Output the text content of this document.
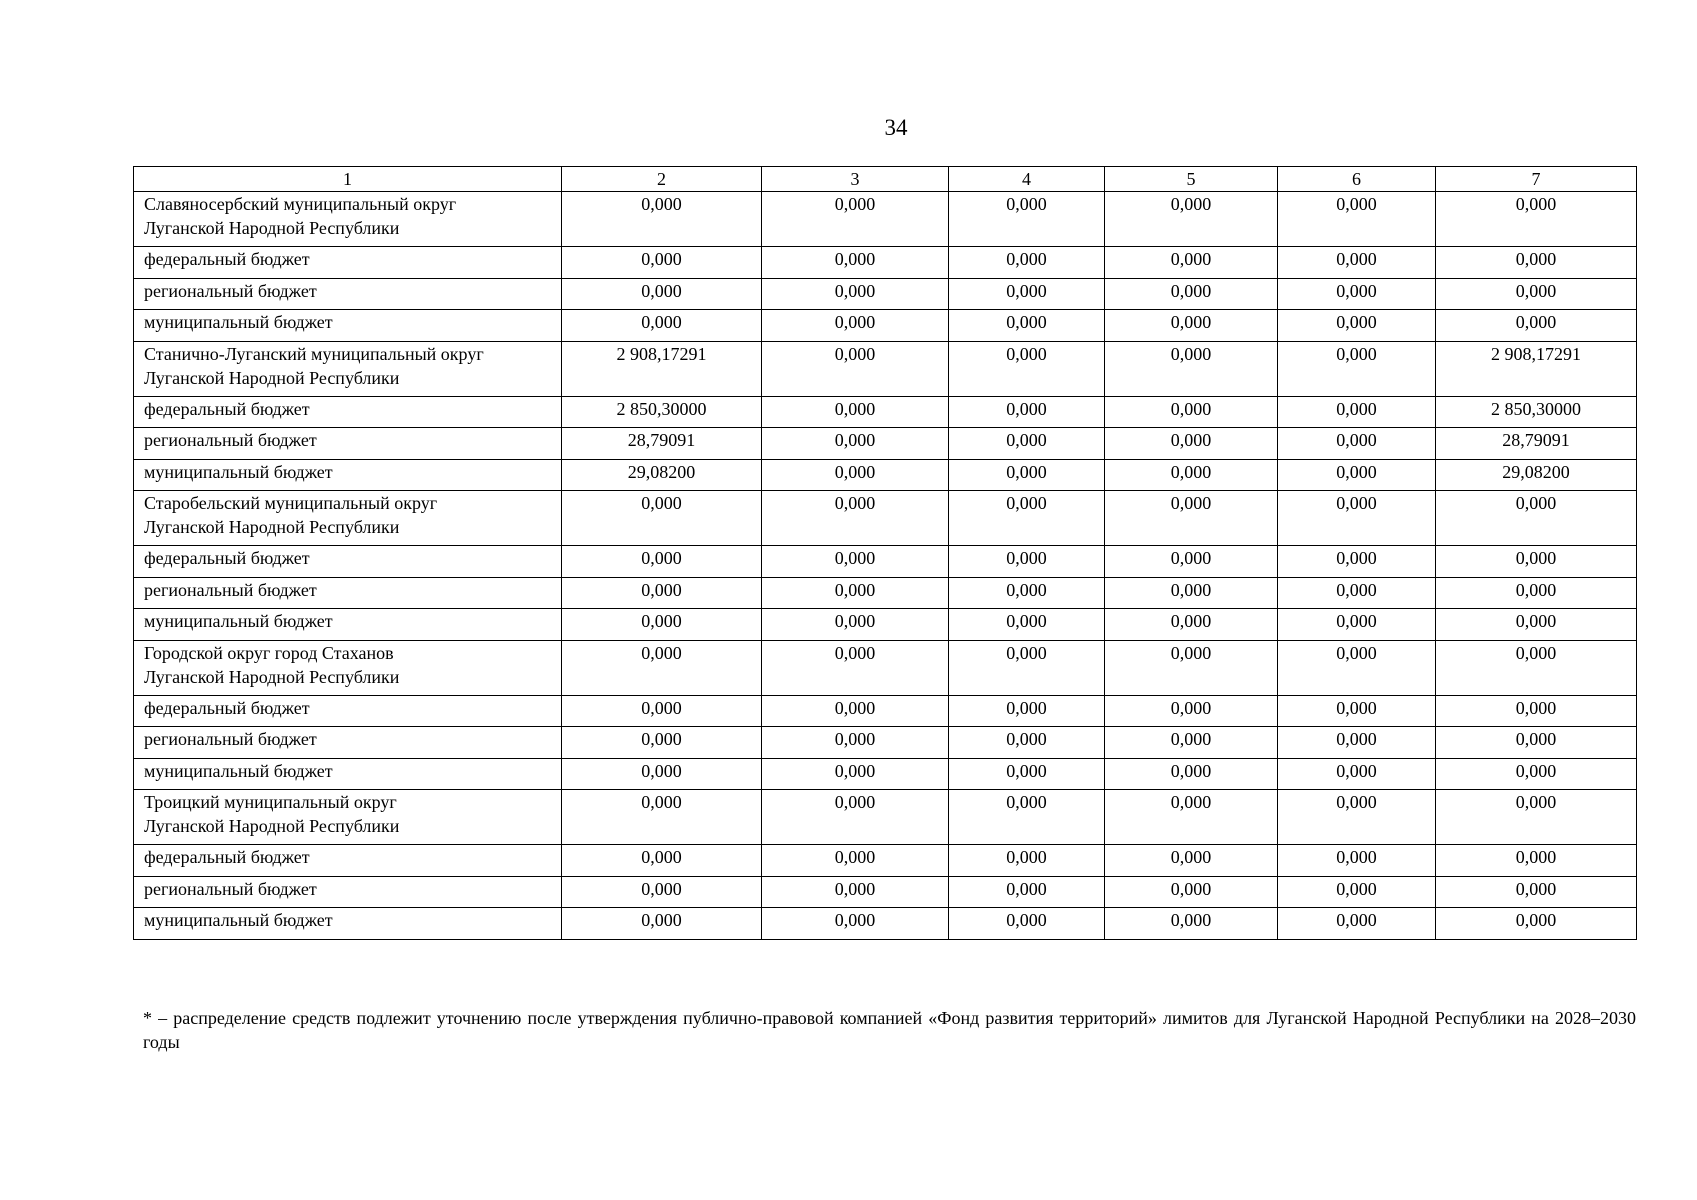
34
1	2	3	4	5	6	7
Славяносербский муниципальный округ
Луганской Народной Республики	0,000	0,000	0,000	0,000	0,000	0,000
федеральный бюджет	0,000	0,000	0,000	0,000	0,000	0,000
региональный бюджет	0,000	0,000	0,000	0,000	0,000	0,000
муниципальный бюджет	0,000	0,000	0,000	0,000	0,000	0,000
Станично-Луганский муниципальный округ
Луганской Народной Республики	2 908,17291	0,000	0,000	0,000	0,000	2 908,17291
федеральный бюджет	2 850,30000	0,000	0,000	0,000	0,000	2 850,30000
региональный бюджет	28,79091	0,000	0,000	0,000	0,000	28,79091
муниципальный бюджет	29,08200	0,000	0,000	0,000	0,000	29,08200
Старобельский муниципальный округ
Луганской Народной Республики	0,000	0,000	0,000	0,000	0,000	0,000
федеральный бюджет	0,000	0,000	0,000	0,000	0,000	0,000
региональный бюджет	0,000	0,000	0,000	0,000	0,000	0,000
муниципальный бюджет	0,000	0,000	0,000	0,000	0,000	0,000
Городской округ город Стаханов
Луганской Народной Республики	0,000	0,000	0,000	0,000	0,000	0,000
федеральный бюджет	0,000	0,000	0,000	0,000	0,000	0,000
региональный бюджет	0,000	0,000	0,000	0,000	0,000	0,000
муниципальный бюджет	0,000	0,000	0,000	0,000	0,000	0,000
Троицкий муниципальный округ
Луганской Народной Республики	0,000	0,000	0,000	0,000	0,000	0,000
федеральный бюджет	0,000	0,000	0,000	0,000	0,000	0,000
региональный бюджет	0,000	0,000	0,000	0,000	0,000	0,000
муниципальный бюджет	0,000	0,000	0,000	0,000	0,000	0,000
* – распределение средств подлежит уточнению после утверждения публично-правовой компанией «Фонд развития территорий» лимитов для Луганской Народной Республики на 2028–2030 годы
